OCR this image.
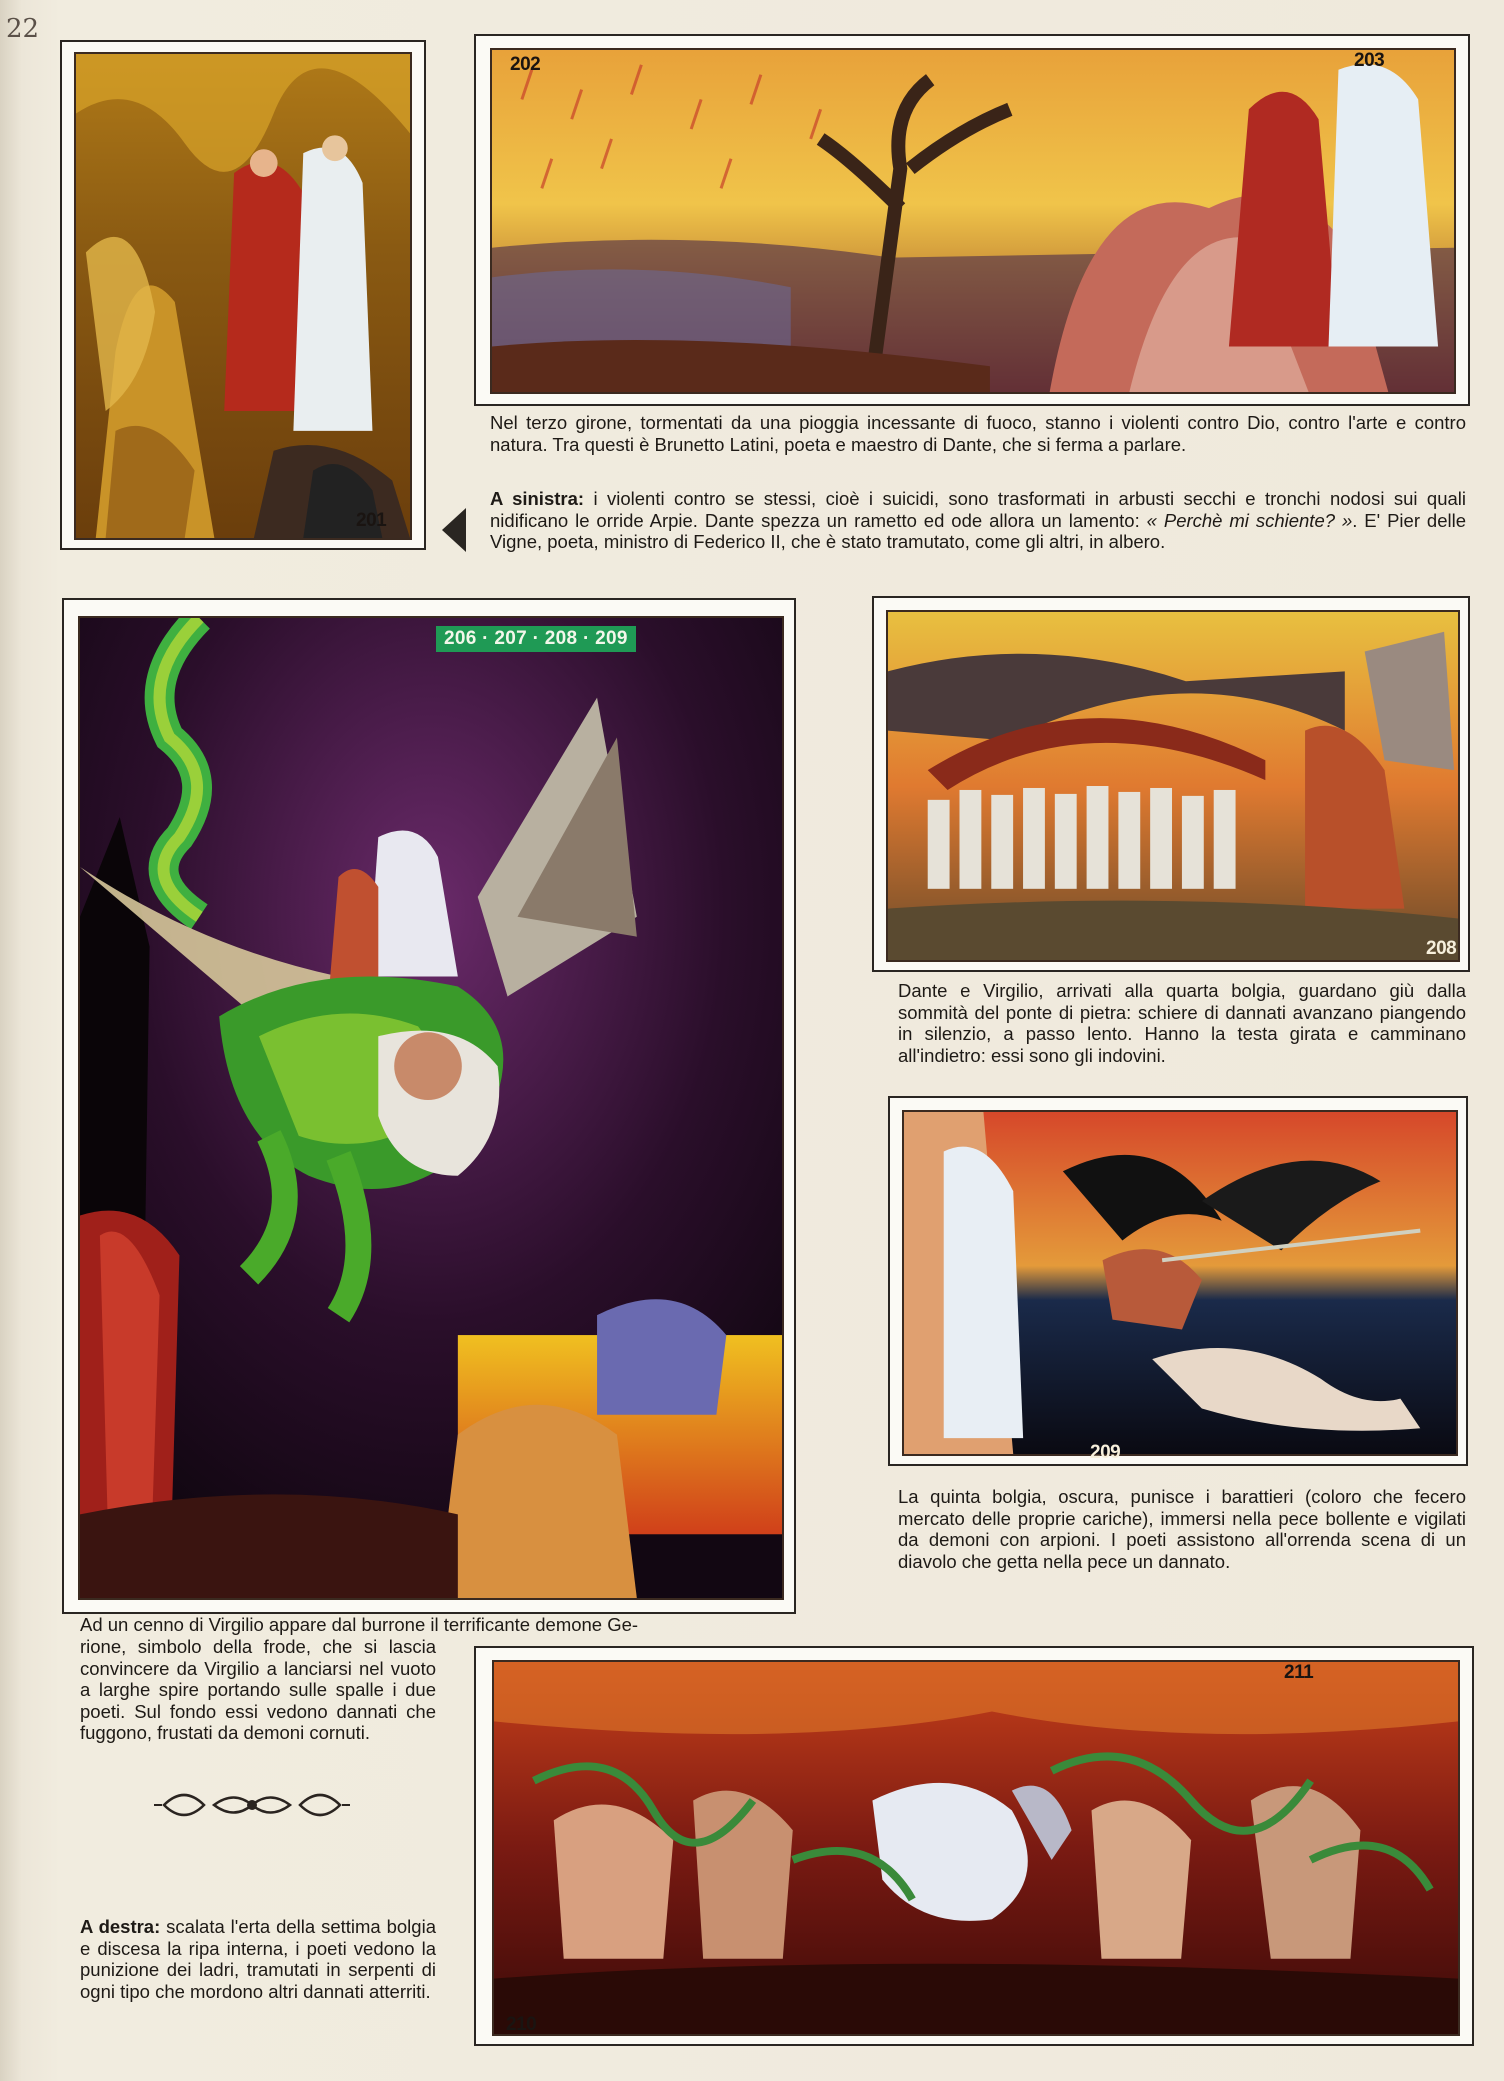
22
201
202	203
Nel terzo girone, tormentati da una pioggia incessante di fuoco, stanno i violenti contro Dio, contro l'arte e contro natura. Tra questi è Brunetto Latini, poeta e maestro di Dante, che si ferma a parlare.
A sinistra: i violenti contro se stessi, cioè i suicidi, sono trasformati in arbusti secchi e tronchi nodosi sui quali nidificano le orride Arpie. Dante spezza un rametto ed ode allora un lamento: « Perchè mi schiente? ». E' Pier delle Vigne, poeta, ministro di Federico II, che è stato tramutato, come gli altri, in albero.
206 · 207 · 208 · 209
208
Dante e Virgilio, arrivati alla quarta bolgia, guardano giù dalla sommità del ponte di pietra: schiere di dannati avanzano piangendo in silenzio, a passo lento. Hanno la testa girata e camminano all'indietro: essi sono gli indovini.
209
La quinta bolgia, oscura, punisce i barattieri (coloro che fecero mercato delle proprie cariche), immersi nella pece bollente e vigilati da demoni con arpioni. I poeti assistono all'orrenda scena di un diavolo che getta nella pece un dannato.
Ad un cenno di Virgilio appare dal burrone il terrificante demone Ge-
rione, simbolo della frode, che si lascia convincere da Virgilio a lanciarsi nel vuoto a larghe spire portando sulle spalle i due poeti. Sul fondo essi vedono dannati che fuggono, frustati da demoni cornuti.
A destra: scalata l'erta della settima bolgia e discesa la ripa interna, i poeti vedono la punizione dei ladri, tramutati in serpenti di ogni tipo che mordono altri dannati atterriti.
210
211
